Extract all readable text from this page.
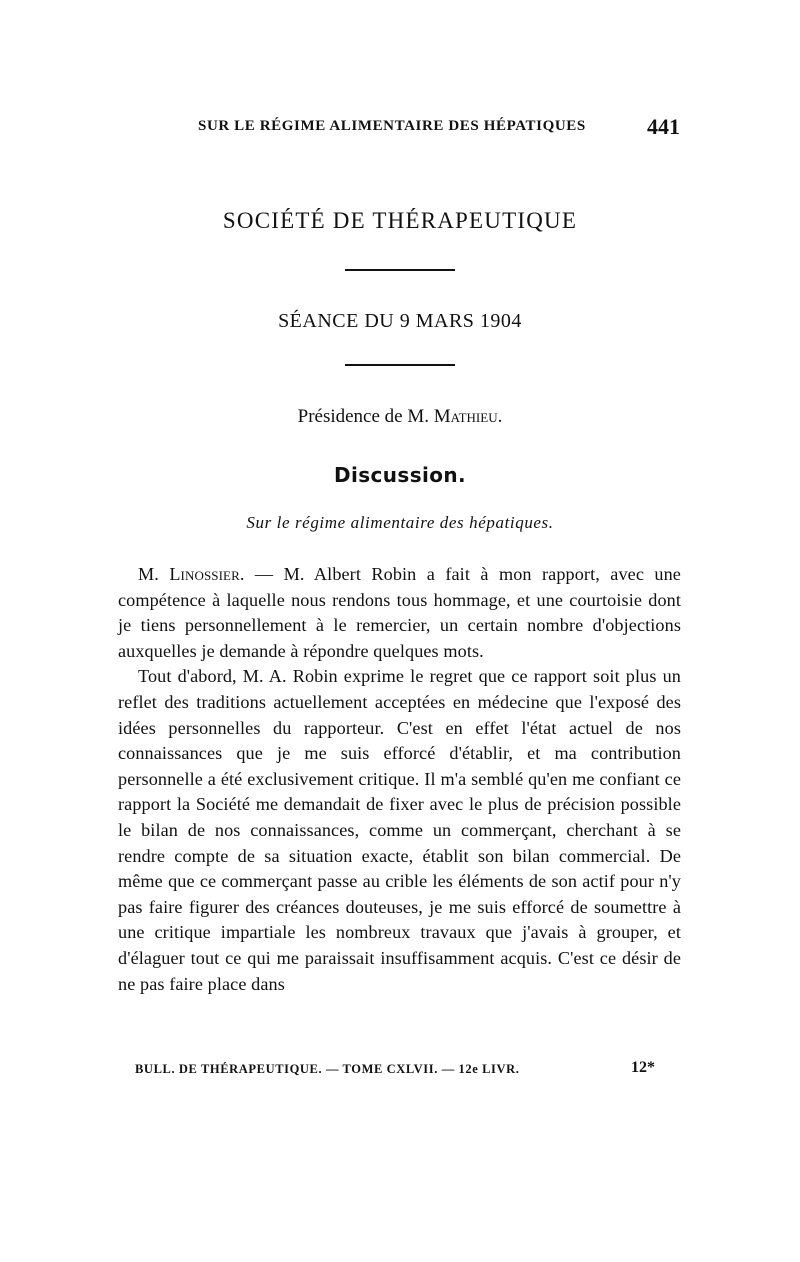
SUR LE RÉGIME ALIMENTAIRE DES HÉPATIQUES	441
SOCIÉTÉ DE THÉRAPEUTIQUE
SÉANCE DU 9 MARS 1904
Présidence de M. Mathieu.
Discussion.
Sur le régime alimentaire des hépatiques.

M. Linossier. — M. Albert Robin a fait à mon rapport, avec une compétence à laquelle nous rendons tous hommage, et une courtoisie dont je tiens personnellement à le remercier, un certain nombre d'objections auxquelles je demande à répondre quelques mots.

Tout d'abord, M. A. Robin exprime le regret que ce rapport soit plus un reflet des traditions actuellement acceptées en médecine que l'exposé des idées personnelles du rapporteur. C'est en effet l'état actuel de nos connaissances que je me suis efforcé d'établir, et ma contribution personnelle a été exclusivement critique. Il m'a semblé qu'en me confiant ce rapport la Société me demandait de fixer avec le plus de précision possible le bilan de nos connaissances, comme un commerçant, cherchant à se rendre compte de sa situation exacte, établit son bilan commercial. De même que ce commerçant passe au crible les éléments de son actif pour n'y pas faire figurer des créances douteuses, je me suis efforcé de soumettre à une critique impartiale les nombreux travaux que j'avais à grouper, et d'élaguer tout ce qui me paraissait insuffisamment acquis. C'est ce désir de ne pas faire place dans

BULL. DE THÉRAPEUTIQUE. — TOME CXLVII. — 12e LIVR.	12*
